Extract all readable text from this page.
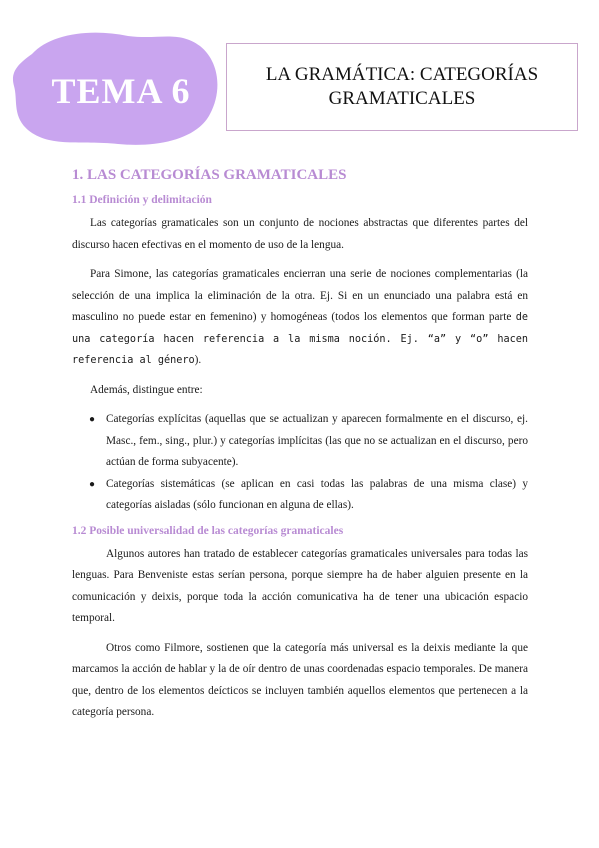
TEMA 6	LA GRAMÁTICA: CATEGORÍAS
GRAMATICALES
1. LAS CATEGORÍAS GRAMATICALES
1.1 Definición y delimitación

Las categorías gramaticales son un conjunto de nociones abstractas que diferentes partes del discurso hacen efectivas en el momento de uso de la lengua.

Para Simone, las categorías gramaticales encierran una serie de nociones complementarias (la selección de una implica la eliminación de la otra. Ej. Si en un enunciado una palabra está en masculino no puede estar en femenino) y homogéneas (todos los elementos que forman parte de una categoría hacen referencia a la misma noción. Ej. “a” y “o” hacen referencia al género).

Además, distingue entre:

● Categorías explícitas (aquellas que se actualizan y aparecen formalmente en el discurso, ej. Masc., fem., sing., plur.) y categorías implícitas (las que no se actualizan en el discurso, pero actúan de forma subyacente).
● Categorías sistemáticas (se aplican en casi todas las palabras de una misma clase) y categorías aisladas (sólo funcionan en alguna de ellas).
1.2 Posible universalidad de las categorías gramaticales

Algunos autores han tratado de establecer categorías gramaticales universales para todas las lenguas. Para Benveniste estas serían persona, porque siempre ha de haber alguien presente en la comunicación y deixis, porque toda la acción comunicativa ha de tener una ubicación espacio temporal.

Otros como Filmore, sostienen que la categoría más universal es la deixis mediante la que marcamos la acción de hablar y la de oír dentro de unas coordenadas espacio temporales. De manera que, dentro de los elementos deícticos se incluyen también aquellos elementos que pertenecen a la categoría persona.
